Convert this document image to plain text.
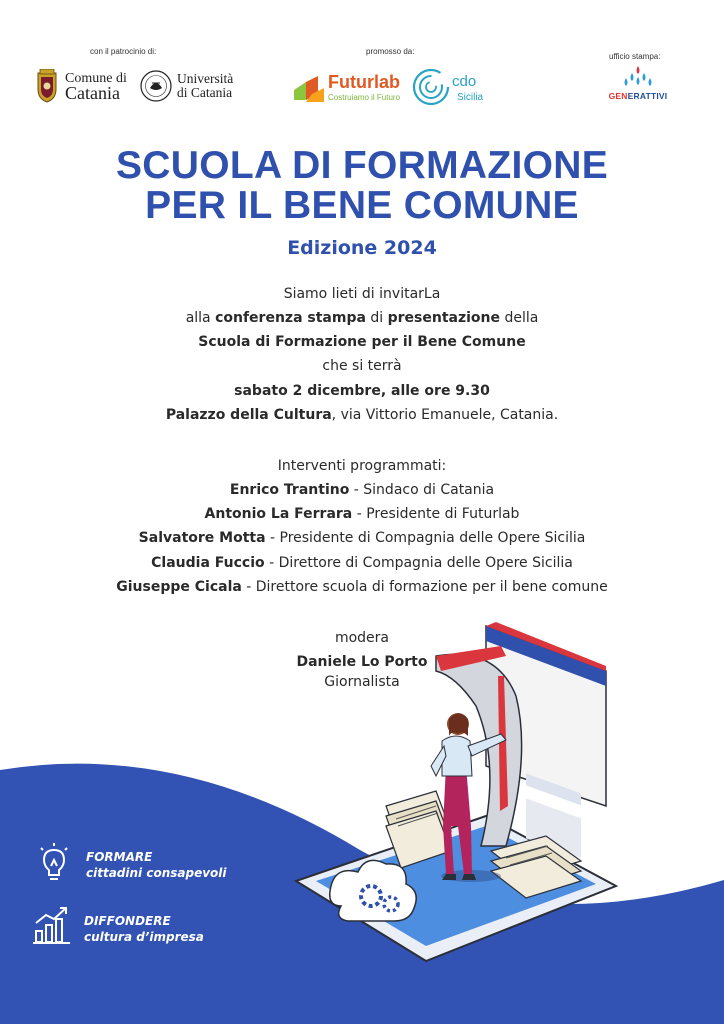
con il patrocinio di:	promosso da:
ufficio stampa:
Comune di
Catania
Università
di Catania
Futurlab
Costruiamo il Futuro
cdo
Sicilia	GENERATTIVI
SCUOLA DI FORMAZIONE
PER IL BENE COMUNE
Edizione 2024
Siamo lieti di invitarLa
alla conferenza stampa di presentazione della
Scuola di Formazione per il Bene Comune
che si terrà
sabato 2 dicembre, alle ore 9.30
Palazzo della Cultura, via Vittorio Emanuele, Catania.
Interventi programmati:
Enrico Trantino - Sindaco di Catania
Antonio La Ferrara - Presidente di Futurlab
Salvatore Motta - Presidente di Compagnia delle Opere Sicilia
Claudia Fuccio - Direttore di Compagnia delle Opere Sicilia
Giuseppe Cicala - Direttore scuola di formazione per il bene comune
modera
Daniele Lo Porto
Giornalista
FORMARE
cittadini consapevoli
DIFFONDERE
cultura d’impresa
